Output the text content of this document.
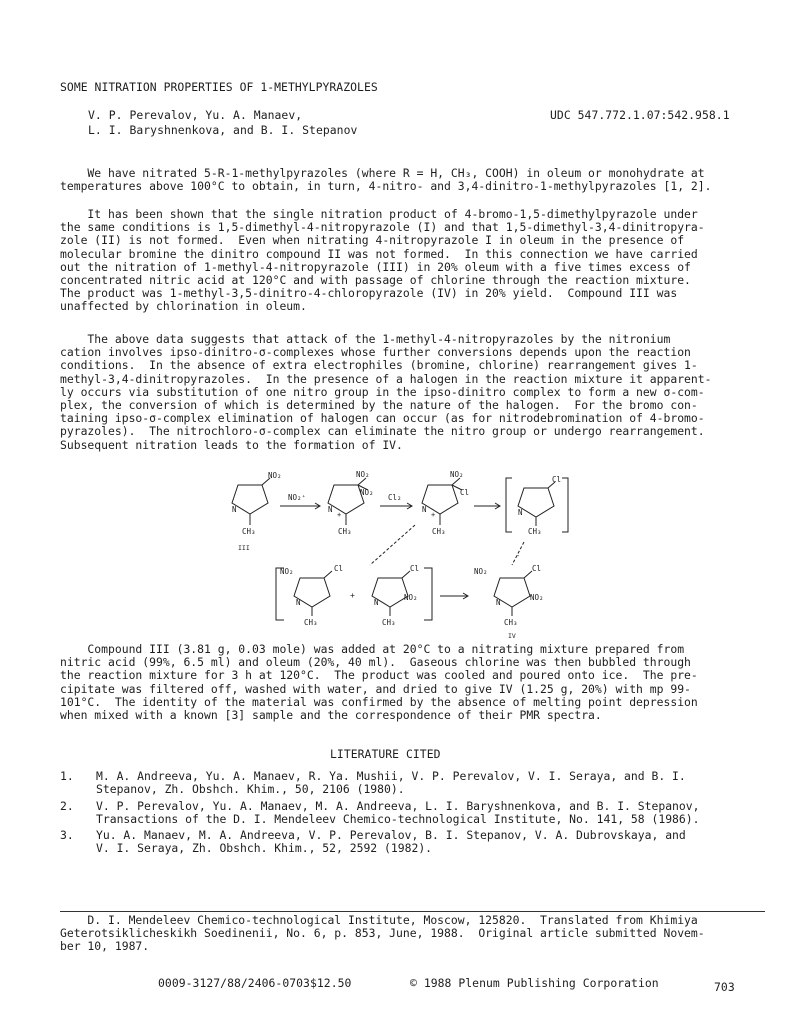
SOME NITRATION PROPERTIES OF 1-METHYLPYRAZOLES
V. P. Perevalov, Yu. A. Manaev,
L. I. Baryshnenkova, and B. I. Stepanov
UDC 547.772.1.07:542.958.1
We have nitrated 5-R-1-methylpyrazoles (where R = H, CH₃, COOH) in oleum or monohydrate at
temperatures above 100°C to obtain, in turn, 4-nitro- and 3,4-dinitro-1-methylpyrazoles [1, 2].
It has been shown that the single nitration product of 4-bromo-1,5-dimethylpyrazole under
the same conditions is 1,5-dimethyl-4-nitropyrazole (I) and that 1,5-dimethyl-3,4-dinitropyra-
zole (II) is not formed.  Even when nitrating 4-nitropyrazole I in oleum in the presence of
molecular bromine the dinitro compound II was not formed.  In this connection we have carried
out the nitration of 1-methyl-4-nitropyrazole (III) in 20% oleum with a five times excess of
concentrated nitric acid at 120°C and with passage of chlorine through the reaction mixture.
The product was 1-methyl-3,5-dinitro-4-chloropyrazole (IV) in 20% yield.  Compound III was
unaffected by chlorination in oleum.
The above data suggests that attack of the 1-methyl-4-nitropyrazoles by the nitronium
cation involves ipso-dinitro-σ-complexes whose further conversions depends upon the reaction
conditions.  In the absence of extra electrophiles (bromine, chlorine) rearrangement gives 1-
methyl-3,4-dinitropyrazoles.  In the presence of a halogen in the reaction mixture it apparent-
ly occurs via substitution of one nitro group in the ipso-dinitro complex to form a new σ-com-
plex, the conversion of which is determined by the nature of the halogen.  For the bromo con-
taining ipso-σ-complex elimination of halogen can occur (as for nitrodebromination of 4-bromo-
pyrazoles).  The nitrochloro-σ-complex can eliminate the nitro group or undergo rearrangement.
Subsequent nitration leads to the formation of IV.
NO₂
N
CH₃
III
NO₂⁺
NO₂
NO₂
N
+
CH₃
Cl₂
NO₂
Cl
N
+
CH₃
Cl
N
CH₃
-
NO₂	Cl
N
CH₃
+
Cl
NO₂
N
CH₃
NO₂	Cl
NO₂
N
CH₃
IV
Compound III (3.81 g, 0.03 mole) was added at 20°C to a nitrating mixture prepared from
nitric acid (99%, 6.5 ml) and oleum (20%, 40 ml).  Gaseous chlorine was then bubbled through
the reaction mixture for 3 h at 120°C.  The product was cooled and poured onto ice.  The pre-
cipitate was filtered off, washed with water, and dried to give IV (1.25 g, 20%) with mp 99-
101°C.  The identity of the material was confirmed by the absence of melting point depression
when mixed with a known [3] sample and the correspondence of their PMR spectra.
LITERATURE CITED
1. M. A. Andreeva, Yu. A. Manaev, R. Ya. Mushii, V. P. Perevalov, V. I. Seraya, and B. I.
Stepanov, Zh. Obshch. Khim., 50, 2106 (1980).
2. V. P. Perevalov, Yu. A. Manaev, M. A. Andreeva, L. I. Baryshnenkova, and B. I. Stepanov,
Transactions of the D. I. Mendeleev Chemico-technological Institute, No. 141, 58 (1986).
3. Yu. A. Manaev, M. A. Andreeva, V. P. Perevalov, B. I. Stepanov, V. A. Dubrovskaya, and
V. I. Seraya, Zh. Obshch. Khim., 52, 2592 (1982).
D. I. Mendeleev Chemico-technological Institute, Moscow, 125820.  Translated from Khimiya
Geterotsiklicheskikh Soedinenii, No. 6, p. 853, June, 1988.  Original article submitted Novem-
ber 10, 1987.
0009-3127/88/2406-0703$12.50	© 1988 Plenum Publishing Corporation	703
